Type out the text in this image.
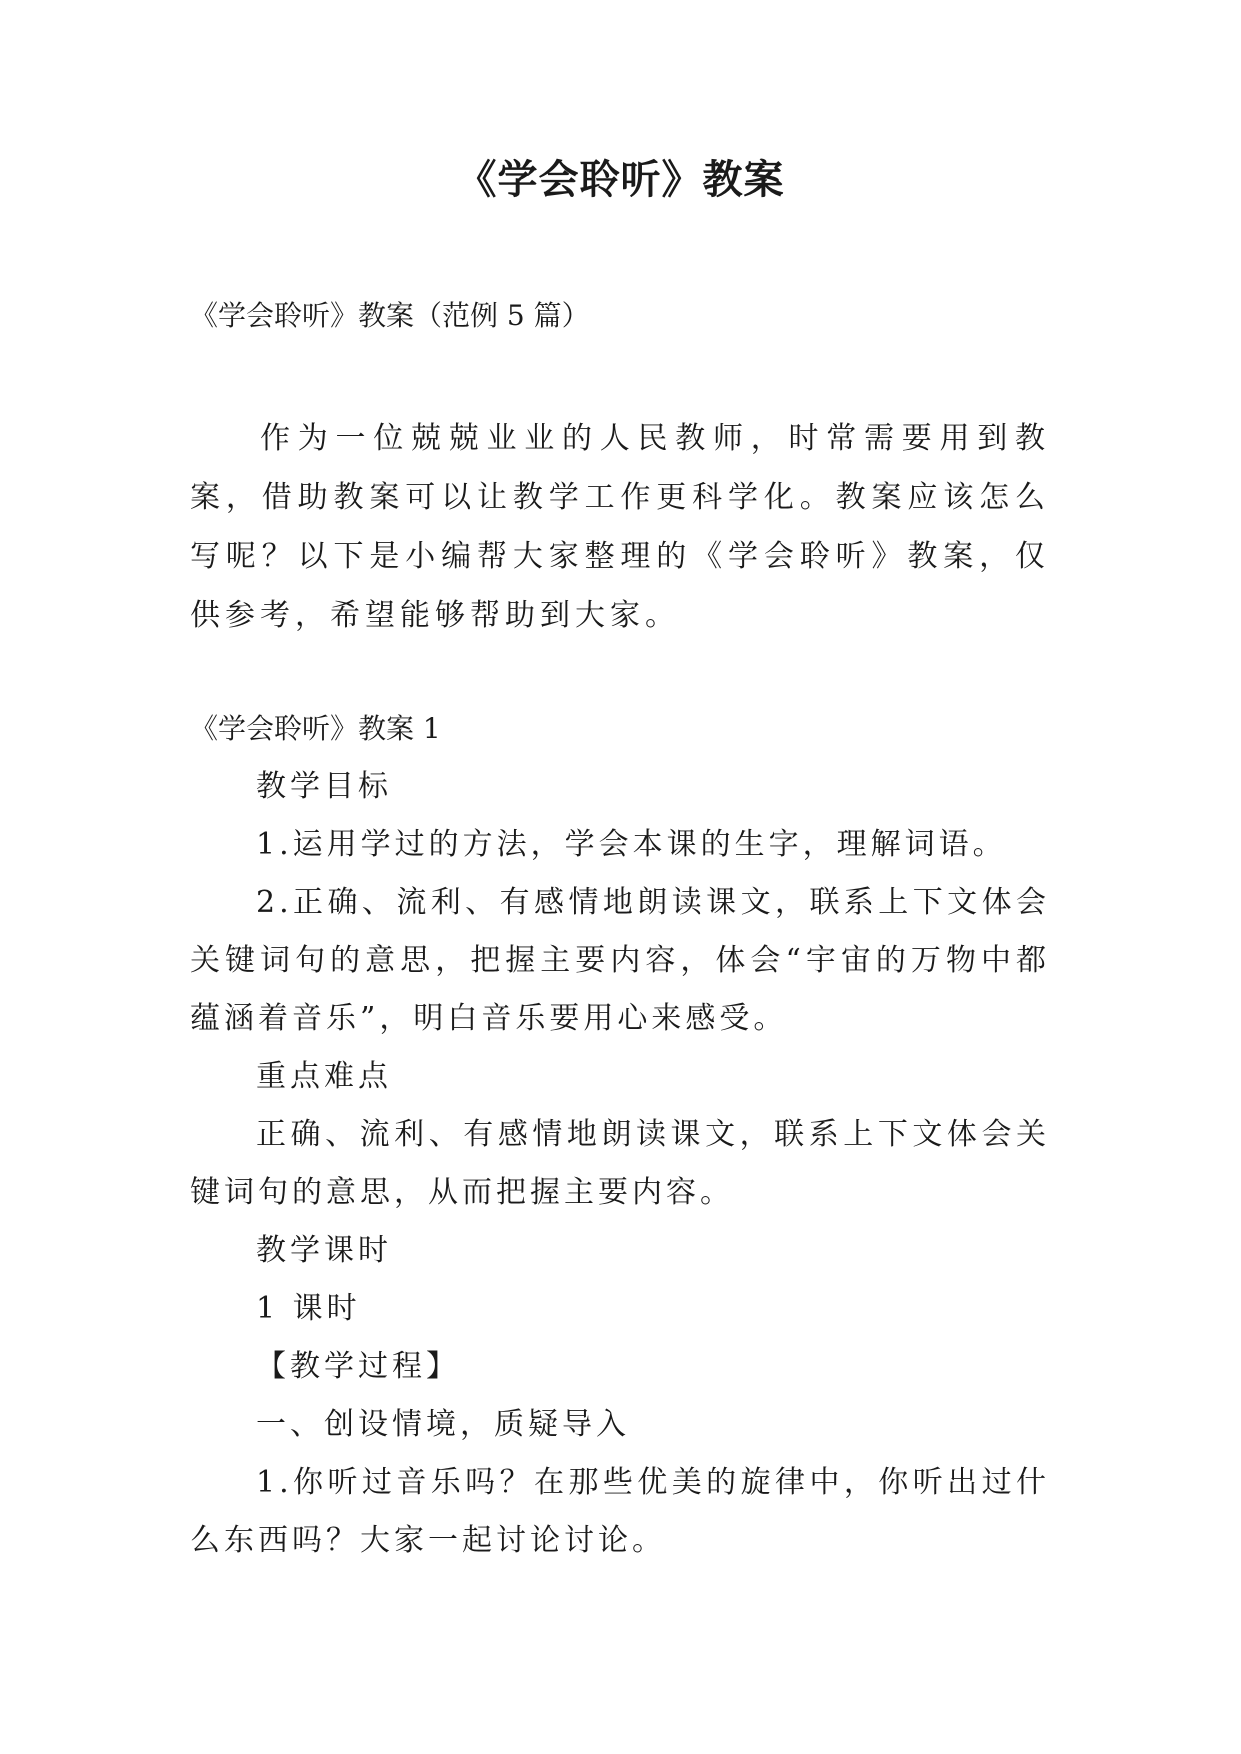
《学会聆听》教案
《学会聆听》教案（范例 5 篇）

作为一位兢兢业业的人民教师，时常需要用到教案，借助教案可以让教学工作更科学化。教案应该怎么写呢？以下是小编帮大家整理的《学会聆听》教案，仅供参考，希望能够帮助到大家。

《学会聆听》教案 1

教学目标

1.运用学过的方法，学会本课的生字，理解词语。

2.正确、流利、有感情地朗读课文，联系上下文体会关键词句的意思，把握主要内容，体会“宇宙的万物中都蕴涵着音乐”，明白音乐要用心来感受。

重点难点

正确、流利、有感情地朗读课文，联系上下文体会关键词句的意思，从而把握主要内容。

教学课时

1 课时

【教学过程】

一、创设情境，质疑导入

1.你听过音乐吗？在那些优美的旋律中，你听出过什么东西吗？大家一起讨论讨论。
